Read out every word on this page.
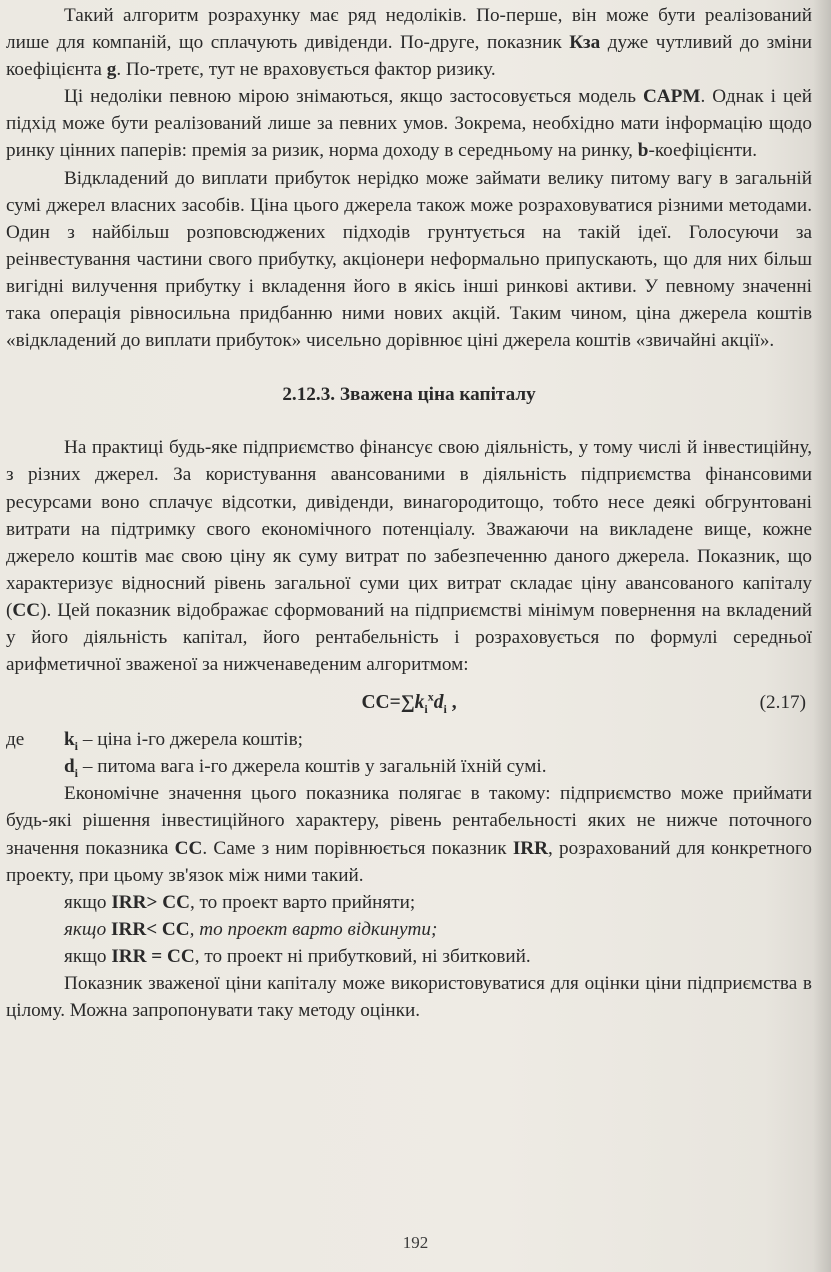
Такий алгоритм розрахунку має ряд недоліків. По-перше, він може бути реалізований лише для компаній, що сплачують дивіденди. По-друге, показник Кза дуже чутливий до зміни коефіцієнта g. По-третє, тут не враховується фактор ризику.

Ці недоліки певною мірою знімаються, якщо застосовується модель CAPM. Однак і цей підхід може бути реалізований лише за певних умов. Зокрема, необхідно мати інформацію щодо ринку цінних паперів: премія за ризик, норма доходу в середньому на ринку, b-коефіцієнти.

Відкладений до виплати прибуток нерідко може займати велику питому вагу в загальній сумі джерел власних засобів. Ціна цього джерела також може розраховуватися різними методами. Один з найбільш розповсюджених підходів грунтується на такій ідеї. Голосуючи за реінвестування частини свого прибутку, акціонери неформально припускають, що для них більш вигідні вилучення прибутку і вкладення його в якісь інші ринкові активи. У певному значенні така операція рівносильна придбанню ними нових акцій. Таким чином, ціна джерела коштів «відкладений до виплати прибуток» чисельно дорівнює ціні джерела коштів «звичайні акції».

2.12.3. Зважена ціна капіталу

На практиці будь-яке підприємство фінансує свою діяльність, у тому числі й інвестиційну, з різних джерел. За користування авансованими в діяльність підприємства фінансовими ресурсами воно сплачує відсотки, дивіденди, винагородитощо, тобто несе деякі обгрунтовані витрати на підтримку свого економічного потенціалу. Зважаючи на викладене вище, кожне джерело коштів має свою ціну як суму витрат по забезпеченню даного джерела. Показник, що характеризує відносний рівень загальної суми цих витрат складає ціну авансованого капіталу (CC). Цей показник відображає сформований на підприємстві мінімум повернення на вкладений у його діяльність капітал, його рентабельність і розраховується по формулі середньої арифметичної зваженої за нижченаведеним алгоритмом:

$CC=\sum k_i^xd_i$ ,	(2.17)

де $k_i$ – ціна і-го джерела коштів;

$d_i$ – питома вага і-го джерела коштів у загальній їхній сумі.

Економічне значення цього показника полягає в такому: підприємство може приймати будь-які рішення інвестиційного характеру, рівень рентабельності яких не нижче поточного значення показника CC. Саме з ним порівнюється показник IRR, розрахований для конкретного проекту, при цьому зв'язок між ними такий.

якщо IRR> CC, то проект варто прийняти;

якщо IRR< CC, то проект варто відкинути;

якщо IRR = CC, то проект ні прибутковий, ні збитковий.

Показник зваженої ціни капіталу може використовуватися для оцінки ціни підприємства в цілому. Можна запропонувати таку методу оцінки.

192
